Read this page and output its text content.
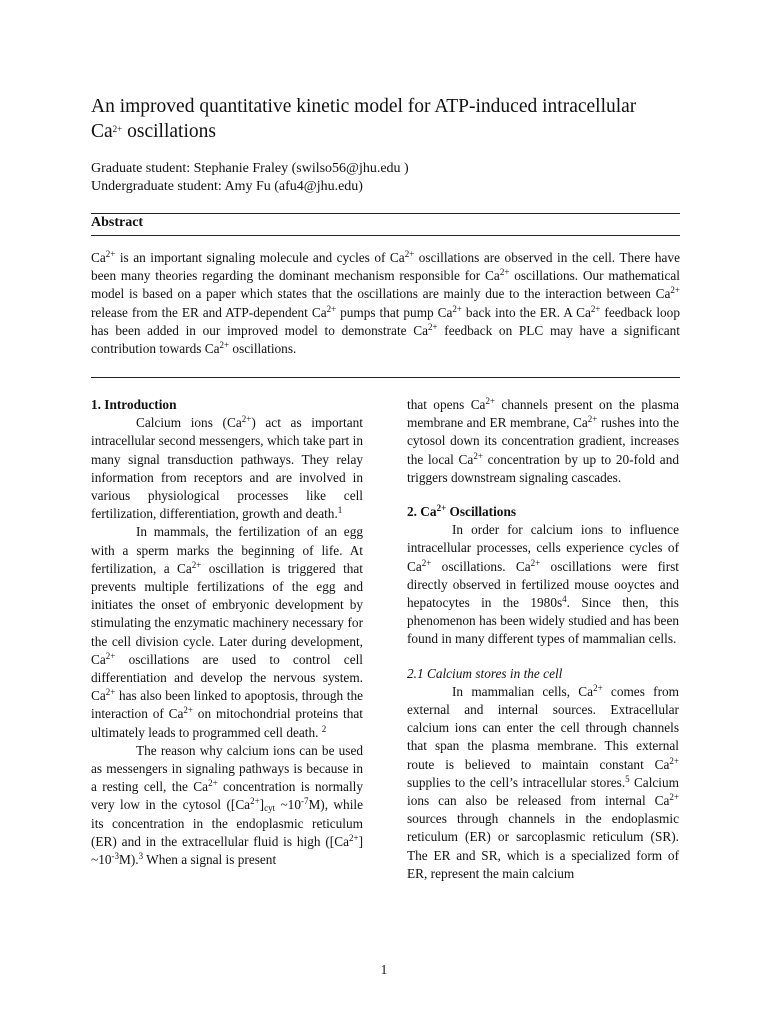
An improved quantitative kinetic model for ATP-induced intracellular
$Ca^{2+}$ oscillations
Graduate student: Stephanie Fraley (swilso56@jhu.edu )
Undergraduate student: Amy Fu (afu4@jhu.edu)
Abstract
$Ca^{2+}$ is an important signaling molecule and cycles of $Ca^{2+}$ oscillations are observed in the cell. There have been many theories regarding the dominant mechanism responsible for $Ca^{2+}$ oscillations. Our mathematical model is based on a paper which states that the oscillations are mainly due to the interaction between $Ca^{2+}$ release from the ER and ATP-dependent $Ca^{2+}$ pumps that pump $Ca^{2+}$ back into the ER. A $Ca^{2+}$ feedback loop has been added in our improved model to demonstrate $Ca^{2+}$ feedback on PLC may have a significant contribution towards $Ca^{2+}$ oscillations.

1. Introduction

Calcium ions $(Ca^{2+})$ act as important intracellular second messengers, which take part in many signal transduction pathways. They relay information from receptors and are involved in various physiological processes like cell fertilization, differentiation, growth and death.$^1$

In mammals, the fertilization of an egg with a sperm marks the beginning of life. At fertilization, a $Ca^{2+}$ oscillation is triggered that prevents multiple fertilizations of the egg and initiates the onset of embryonic development by stimulating the enzymatic machinery necessary for the cell division cycle. Later during development, $Ca^{2+}$ oscillations are used to control cell differentiation and develop the nervous system. $Ca^{2+}$ has also been linked to apoptosis, through the interaction of $Ca^{2+}$ on mitochondrial proteins that ultimately leads to programmed cell death. $^2$

The reason why calcium ions can be used as messengers in signaling pathways is because in a resting cell, the $Ca^{2+}$ concentration is normally very low in the cytosol ($[Ca^{2+}]_{cyt}$ $\sim 10^{-7}M$), while its concentration in the endoplasmic reticulum (ER) and in the extracellular fluid is high ($[Ca^{2+}]$ $\sim 10^{-3}M).^3$ When a signal is present

that opens $Ca^{2+}$ channels present on the plasma membrane and ER membrane, $Ca^{2+}$ rushes into the cytosol down its concentration gradient, increases the local $Ca^{2+}$ concentration by up to 20-fold and triggers downstream signaling cascades.

2. $Ca^{2+}$ Oscillations

In order for calcium ions to influence intracellular processes, cells experience cycles of $Ca^{2+}$ oscillations. $Ca^{2+}$ oscillations were first directly observed in fertilized mouse ooyctes and hepatocytes in the $1980s^4$. Since then, this phenomenon has been widely studied and has been found in many different types of mammalian cells.

2.1 Calcium stores in the cell

In mammalian cells, $Ca^{2+}$ comes from external and internal sources. Extracellular calcium ions can enter the cell through channels that span the plasma membrane. This external route is believed to maintain constant $Ca^{2+}$ supplies to the cell’s intracellular stores.$^5$ Calcium ions can also be released from internal $Ca^{2+}$ sources through channels in the endoplasmic reticulum (ER) or sarcoplasmic reticulum (SR). The ER and SR, which is a specialized form of ER, represent the main calcium

1
